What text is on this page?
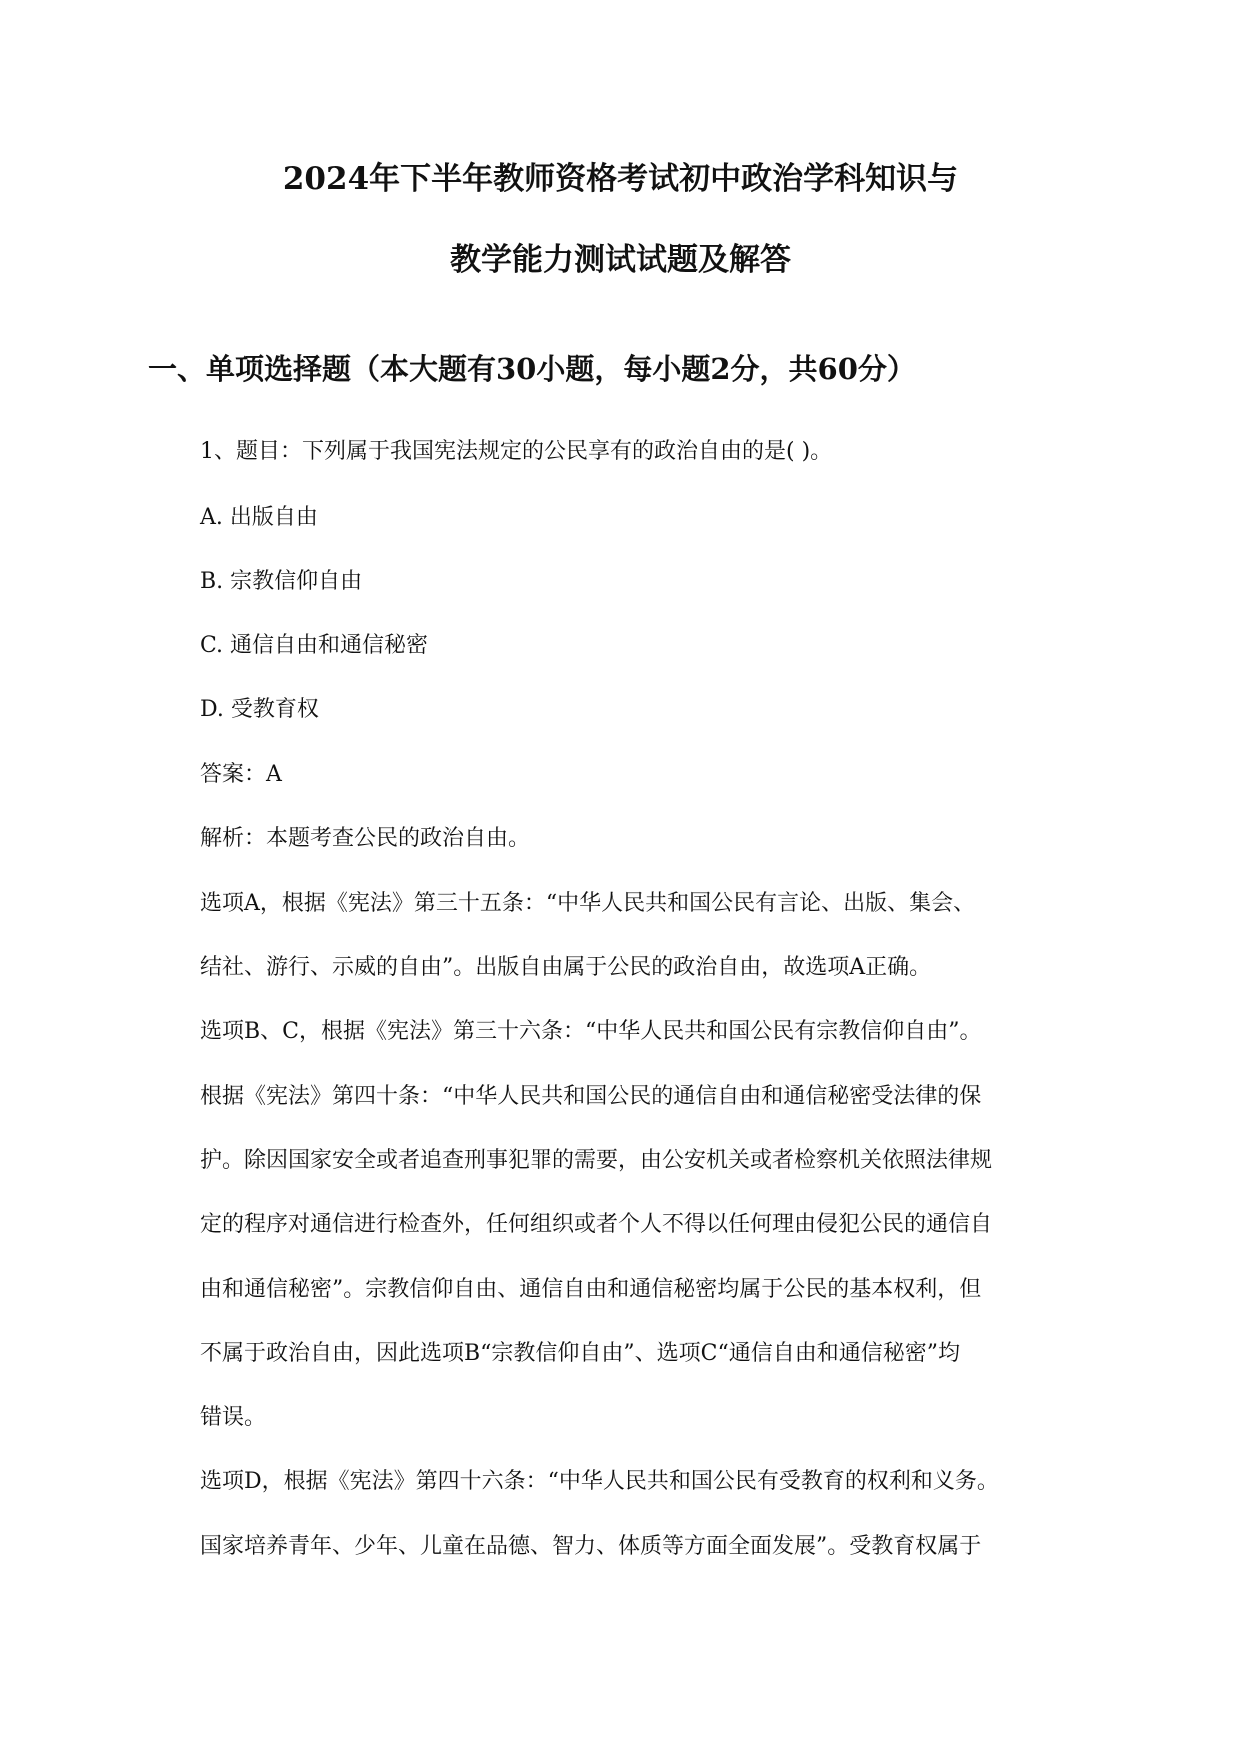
2024年下半年教师资格考试初中政治学科知识与
教学能力测试试题及解答
一、单项选择题（本大题有30小题，每小题2分，共60分）
1、题目：下列属于我国宪法规定的公民享有的政治自由的是( )。
A. 出版自由
B. 宗教信仰自由
C. 通信自由和通信秘密
D. 受教育权
答案：A
解析：本题考查公民的政治自由。
选项A，根据《宪法》第三十五条：“中华人民共和国公民有言论、出版、集会、
结社、游行、示威的自由”。出版自由属于公民的政治自由，故选项A正确。
选项B、C，根据《宪法》第三十六条：“中华人民共和国公民有宗教信仰自由”。
根据《宪法》第四十条：“中华人民共和国公民的通信自由和通信秘密受法律的保
护。除因国家安全或者追查刑事犯罪的需要，由公安机关或者检察机关依照法律规
定的程序对通信进行检查外，任何组织或者个人不得以任何理由侵犯公民的通信自
由和通信秘密”。宗教信仰自由、通信自由和通信秘密均属于公民的基本权利，但
不属于政治自由，因此选项B“宗教信仰自由”、选项C“通信自由和通信秘密”均
错误。
选项D，根据《宪法》第四十六条：“中华人民共和国公民有受教育的权利和义务。
国家培养青年、少年、儿童在品德、智力、体质等方面全面发展”。受教育权属于
